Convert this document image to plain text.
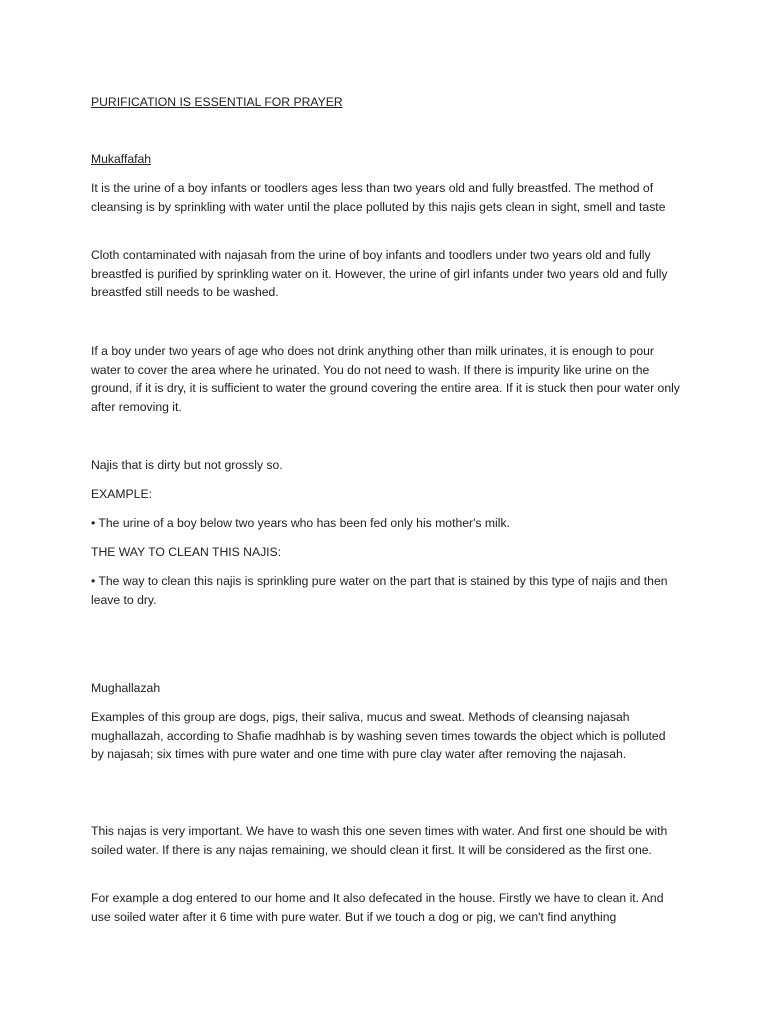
PURIFICATION IS ESSENTIAL FOR PRAYER

Mukaffafah

It is the urine of a boy infants or toodlers ages less than two years old and fully breastfed. The method of cleansing is by sprinkling with water until the place polluted by this najis gets clean in sight, smell and taste

Cloth contaminated with najasah from the urine of boy infants and toodlers under two years old and fully breastfed is purified by sprinkling water on it. However, the urine of girl infants under two years old and fully breastfed still needs to be washed.

If a boy under two years of age who does not drink anything other than milk urinates, it is enough to pour water to cover the area where he urinated. You do not need to wash. If there is impurity like urine on the ground, if it is dry, it is sufficient to water the ground covering the entire area. If it is stuck then pour water only after removing it.

Najis that is dirty but not grossly so.

EXAMPLE:

• The urine of a boy below two years who has been fed only his mother's milk.

THE WAY TO CLEAN THIS NAJIS:

• The way to clean this najis is sprinkling pure water on the part that is stained by this type of najis and then leave to dry.

Mughallazah

Examples of this group are dogs, pigs, their saliva, mucus and sweat. Methods of cleansing najasah mughallazah, according to Shafie madhhab is by washing seven times towards the object which is polluted by najasah; six times with pure water and one time with pure clay water after removing the najasah.

This najas is very important. We have to wash this one seven times with water. And first one should be with soiled water. If there is any najas remaining, we should clean it first. It will be considered as the first one.

For example a dog entered to our home and It also defecated in the house. Firstly we have to clean it. And use soiled water after it 6 time with pure water. But if we touch a dog or pig, we can't find anything
